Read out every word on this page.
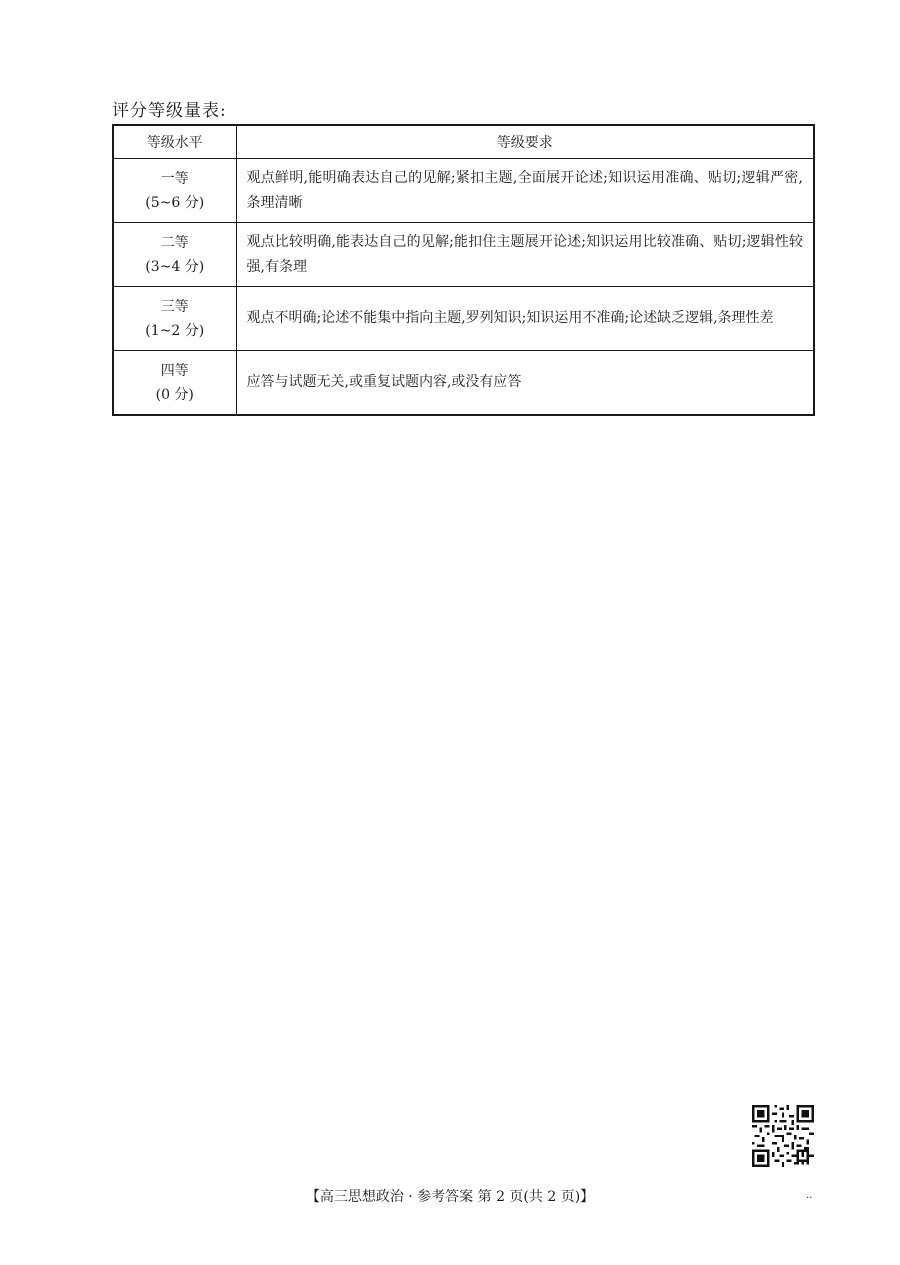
评分等级量表:
等级水平	等级要求

一等
(5~6 分)	观点鲜明,能明确表达自己的见解;紧扣主题,全面展开论述;知识运用准确、贴切;逻辑严密,条理清晰

二等
(3~4 分)	观点比较明确,能表达自己的见解;能扣住主题展开论述;知识运用比较准确、贴切;逻辑性较强,有条理

三等
(1~2 分)	观点不明确;论述不能集中指向主题,罗列知识;知识运用不准确;论述缺乏逻辑,条理性差

四等
(0 分)	应答与试题无关,或重复试题内容,或没有应答
【高三思想政治 · 参考答案 第 2 页(共 2 页)】	..
